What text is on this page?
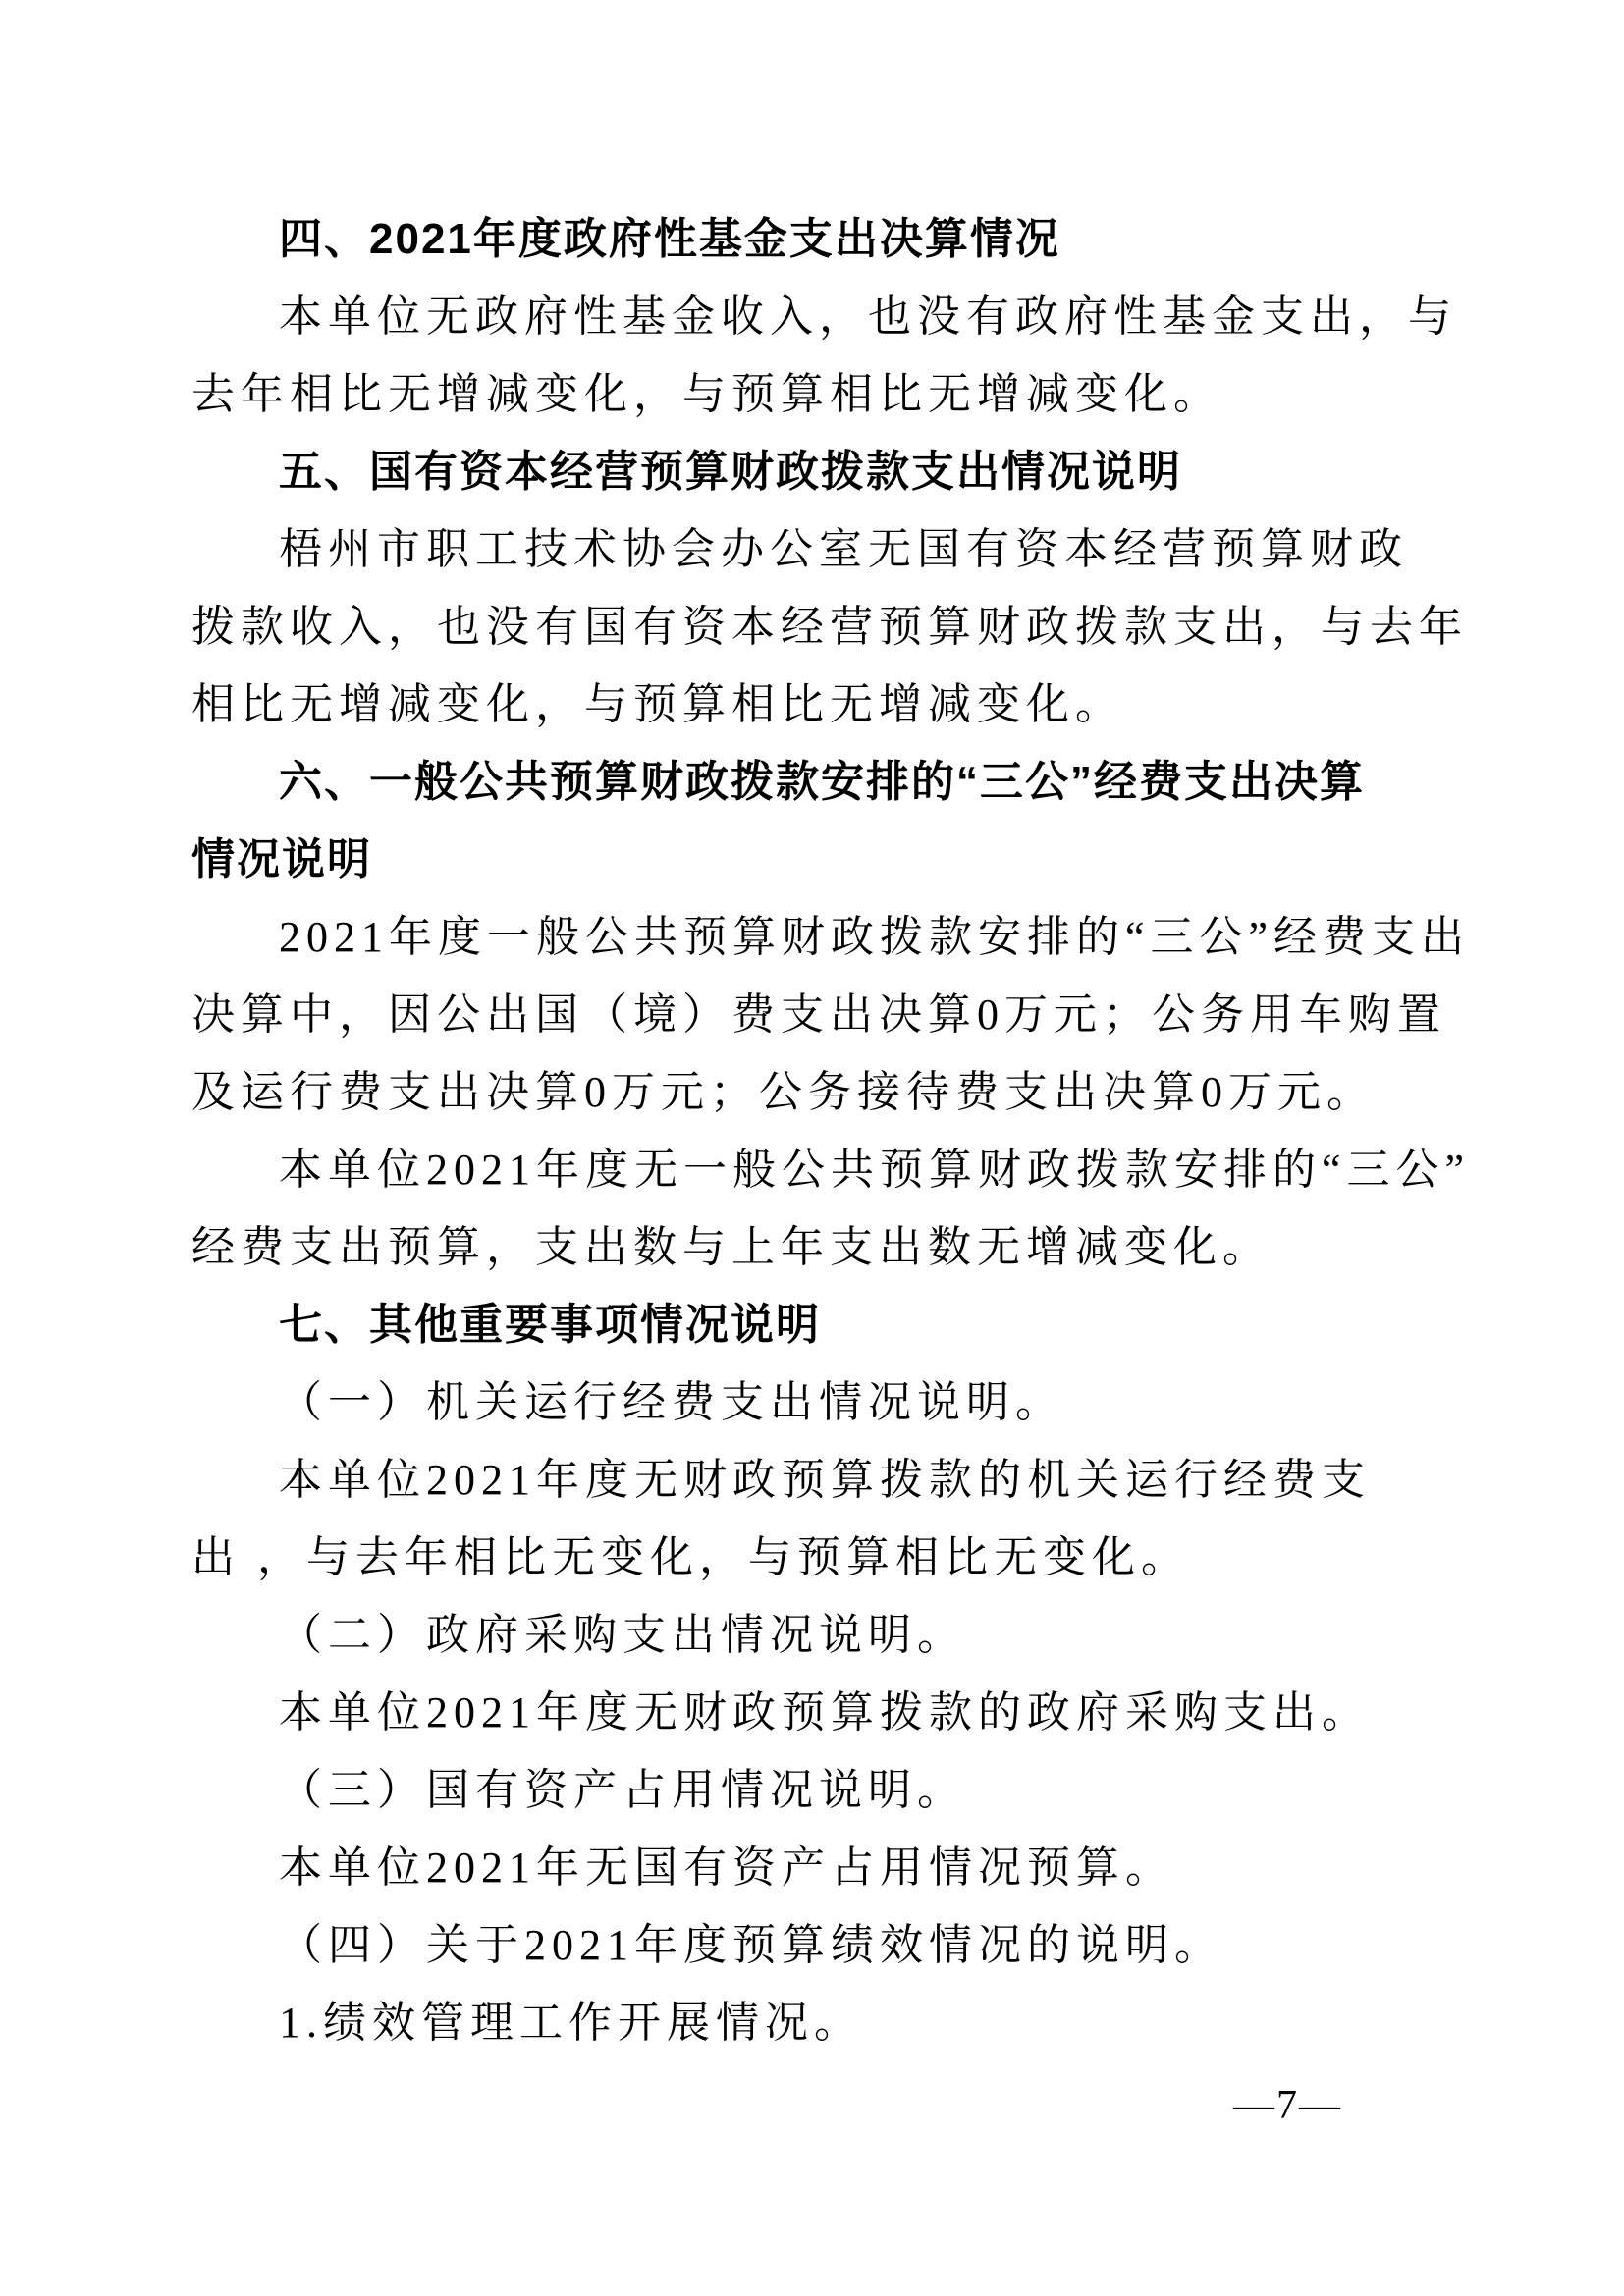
四、2021年度政府性基金支出决算情况
本单位无政府性基金收入，也没有政府性基金支出，与
去年相比无增减变化，与预算相比无增减变化。
五、国有资本经营预算财政拨款支出情况说明
梧州市职工技术协会办公室无国有资本经营预算财政
拨款收入，也没有国有资本经营预算财政拨款支出，与去年
相比无增减变化，与预算相比无增减变化。
六、一般公共预算财政拨款安排的“三公”经费支出决算
情况说明
2021年度一般公共预算财政拨款安排的“三公”经费支出
决算中，因公出国（境）费支出决算0万元；公务用车购置
及运行费支出决算0万元；公务接待费支出决算0万元。
本单位2021年度无一般公共预算财政拨款安排的“三公”
经费支出预算，支出数与上年支出数无增减变化。
七、其他重要事项情况说明
（一）机关运行经费支出情况说明。
本单位2021年度无财政预算拨款的机关运行经费支
出 ，与去年相比无变化，与预算相比无变化。
（二）政府采购支出情况说明。
本单位2021年度无财政预算拨款的政府采购支出。
（三）国有资产占用情况说明。
本单位2021年无国有资产占用情况预算。
（四）关于2021年度预算绩效情况的说明。
1.绩效管理工作开展情况。
—7—
